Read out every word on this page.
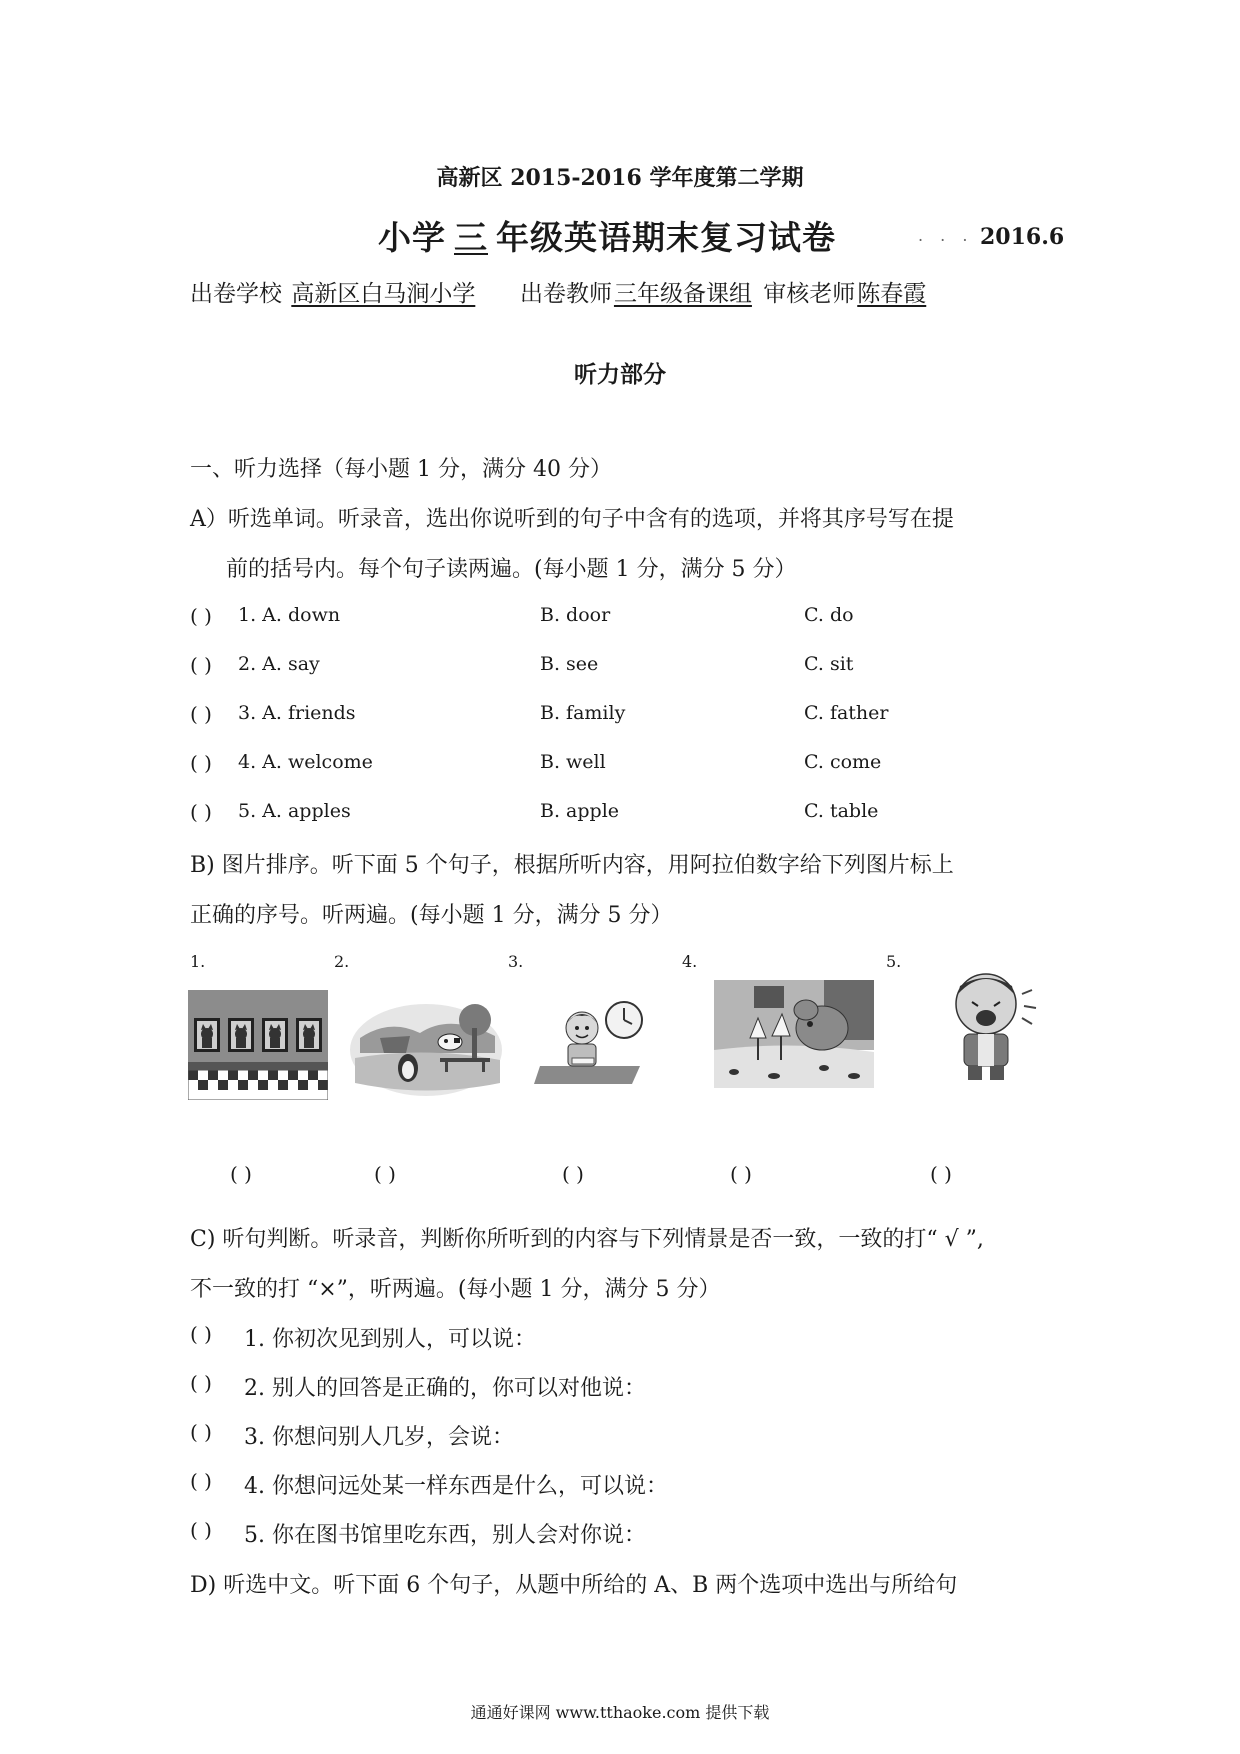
高新区 2015-2016 学年度第二学期
小学 三 年级英语期末复习试卷	. . . 2016.6
出卷学校 高新区白马涧小学 出卷教师三年级备课组 审核老师陈春霞
听力部分
一、听力选择（每小题 1 分，满分 40 分）
A）听选单词。听录音，选出你说听到的句子中含有的选项，并将其序号写在提
前的括号内。每个句子读两遍。(每小题 1 分，满分 5 分）
( ) 1. A. down	B. door	C. do
( ) 2. A. say	B. see	C. sit
( ) 3. A. friends	B. family	C. father
( ) 4. A. welcome	B. well	C. come
( ) 5. A. apples	B. apple	C. table
B) 图片排序。听下面 5 个句子，根据所听内容，用阿拉伯数字给下列图片标上
正确的序号。听两遍。(每小题 1 分，满分 5 分）
1.	2.	3.	4.	5.
( )	( )	( )	( )	( )
C) 听句判断。听录音，判断你所听到的内容与下列情景是否一致，一致的打“ √ ”,
不一致的打 “×”，听两遍。(每小题 1 分，满分 5 分）
( ) 1. 你初次见到别人，可以说：
( ) 2. 别人的回答是正确的，你可以对他说：
( ) 3. 你想问别人几岁，会说：
( ) 4. 你想问远处某一样东西是什么，可以说：
( ) 5. 你在图书馆里吃东西，别人会对你说：
D) 听选中文。听下面 6 个句子，从题中所给的 A、B 两个选项中选出与所给句
通通好课网 www.tthaoke.com 提供下载
